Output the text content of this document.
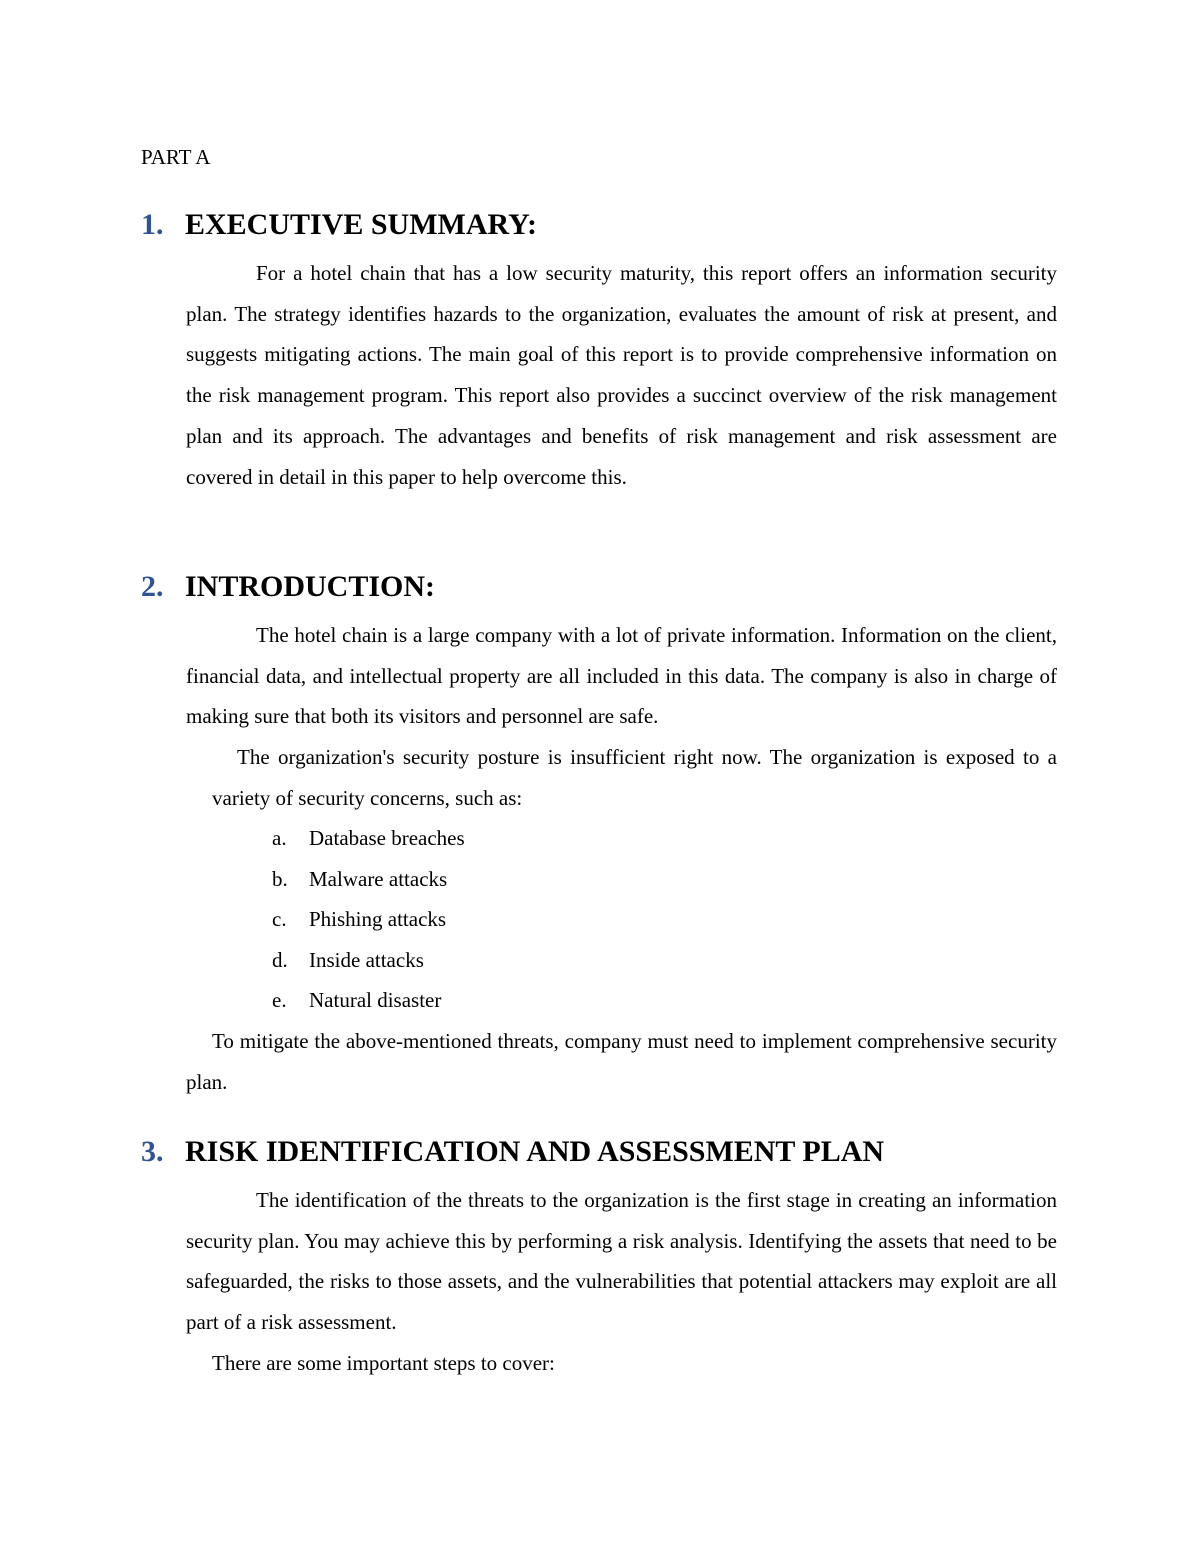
PART A
1. EXECUTIVE SUMMARY:

For a hotel chain that has a low security maturity, this report offers an information security plan. The strategy identifies hazards to the organization, evaluates the amount of risk at present, and suggests mitigating actions. The main goal of this report is to provide comprehensive information on the risk management program. This report also provides a succinct overview of the risk management plan and its approach. The advantages and benefits of risk management and risk assessment are covered in detail in this paper to help overcome this.

2. INTRODUCTION:

The hotel chain is a large company with a lot of private information. Information on the client, financial data, and intellectual property are all included in this data. The company is also in charge of making sure that both its visitors and personnel are safe.

The organization's security posture is insufficient right now. The organization is exposed to a variety of security concerns, such as:

a. Database breaches
b. Malware attacks
c. Phishing attacks
d. Inside attacks
e. Natural disaster

To mitigate the above-mentioned threats, company must need to implement comprehensive security plan.

3. RISK IDENTIFICATION AND ASSESSMENT PLAN

The identification of the threats to the organization is the first stage in creating an information security plan. You may achieve this by performing a risk analysis. Identifying the assets that need to be safeguarded, the risks to those assets, and the vulnerabilities that potential attackers may exploit are all part of a risk assessment.

There are some important steps to cover:
